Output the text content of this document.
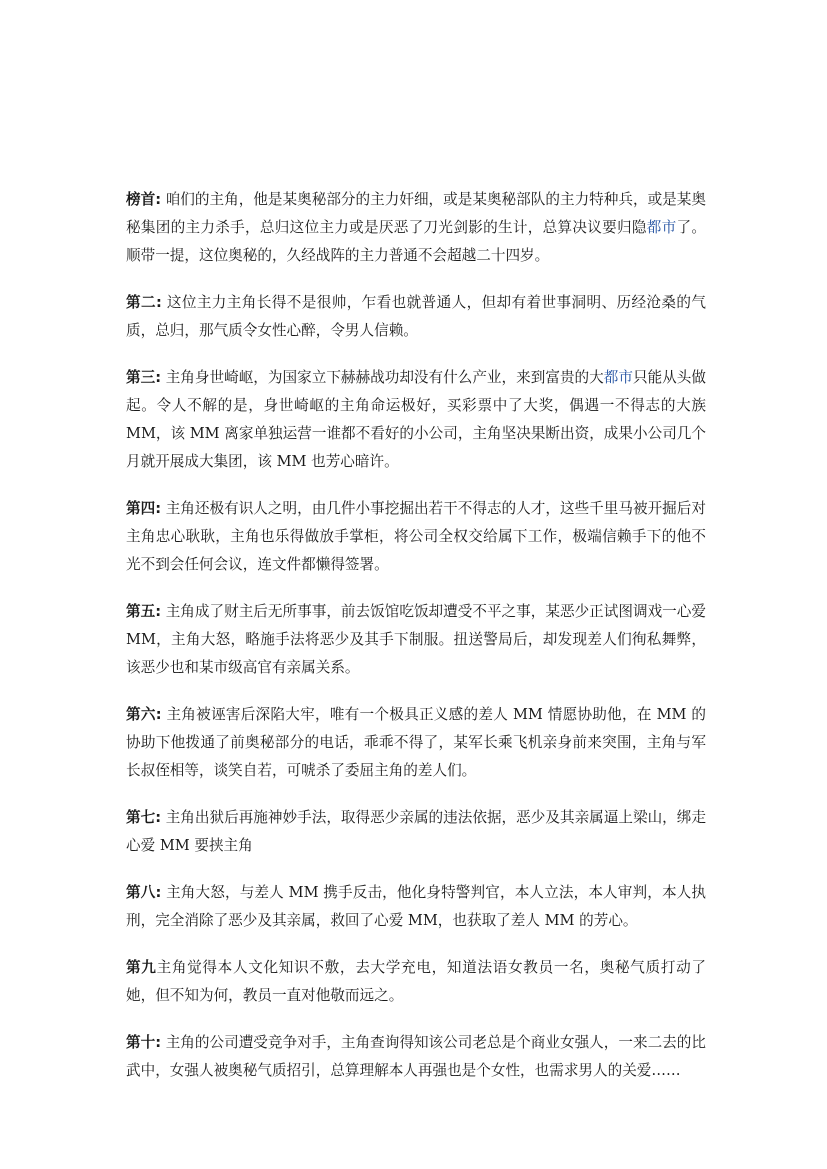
榜首: 咱们的主角，他是某奥秘部分的主力奸细，或是某奥秘部队的主力特种兵，或是某奥秘集团的主力杀手，总归这位主力或是厌恶了刀光剑影的生计，总算决议要归隐都市了。顺带一提，这位奥秘的，久经战阵的主力普通不会超越二十四岁。

第二: 这位主力主角长得不是很帅，乍看也就普通人，但却有着世事洞明、历经沧桑的气质，总归，那气质令女性心醉，令男人信赖。

第三: 主角身世崎岖，为国家立下赫赫战功却没有什么产业，来到富贵的大都市只能从头做起。令人不解的是，身世崎岖的主角命运极好，买彩票中了大奖，偶遇一不得志的大族 MM，该 MM 离家单独运营一谁都不看好的小公司，主角坚决果断出资，成果小公司几个月就开展成大集团，该 MM 也芳心暗许。

第四: 主角还极有识人之明，由几件小事挖掘出若干不得志的人才，这些千里马被开掘后对主角忠心耿耿，主角也乐得做放手掌柜，将公司全权交给属下工作，极端信赖手下的他不光不到会任何会议，连文件都懒得签署。

第五: 主角成了财主后无所事事，前去饭馆吃饭却遭受不平之事，某恶少正试图调戏一心爱 MM，主角大怒，略施手法将恶少及其手下制服。扭送警局后，却发现差人们徇私舞弊，该恶少也和某市级高官有亲属关系。

第六: 主角被诬害后深陷大牢，唯有一个极具正义感的差人 MM 情愿协助他，在 MM 的协助下他拨通了前奥秘部分的电话，乖乖不得了，某军长乘飞机亲身前来突围，主角与军长叔侄相等，谈笑自若，可唬杀了委屈主角的差人们。

第七: 主角出狱后再施神妙手法，取得恶少亲属的违法依据，恶少及其亲属逼上梁山，绑走心爱 MM 要挟主角

第八: 主角大怒，与差人 MM 携手反击，他化身特警判官，本人立法，本人审判，本人执刑，完全消除了恶少及其亲属，救回了心爱 MM，也获取了差人 MM 的芳心。

第九主角觉得本人文化知识不敷，去大学充电，知道法语女教员一名，奥秘气质打动了她，但不知为何，教员一直对他敬而远之。

第十: 主角的公司遭受竞争对手，主角查询得知该公司老总是个商业女强人，一来二去的比武中，女强人被奥秘气质招引，总算理解本人再强也是个女性，也需求男人的关爱……
